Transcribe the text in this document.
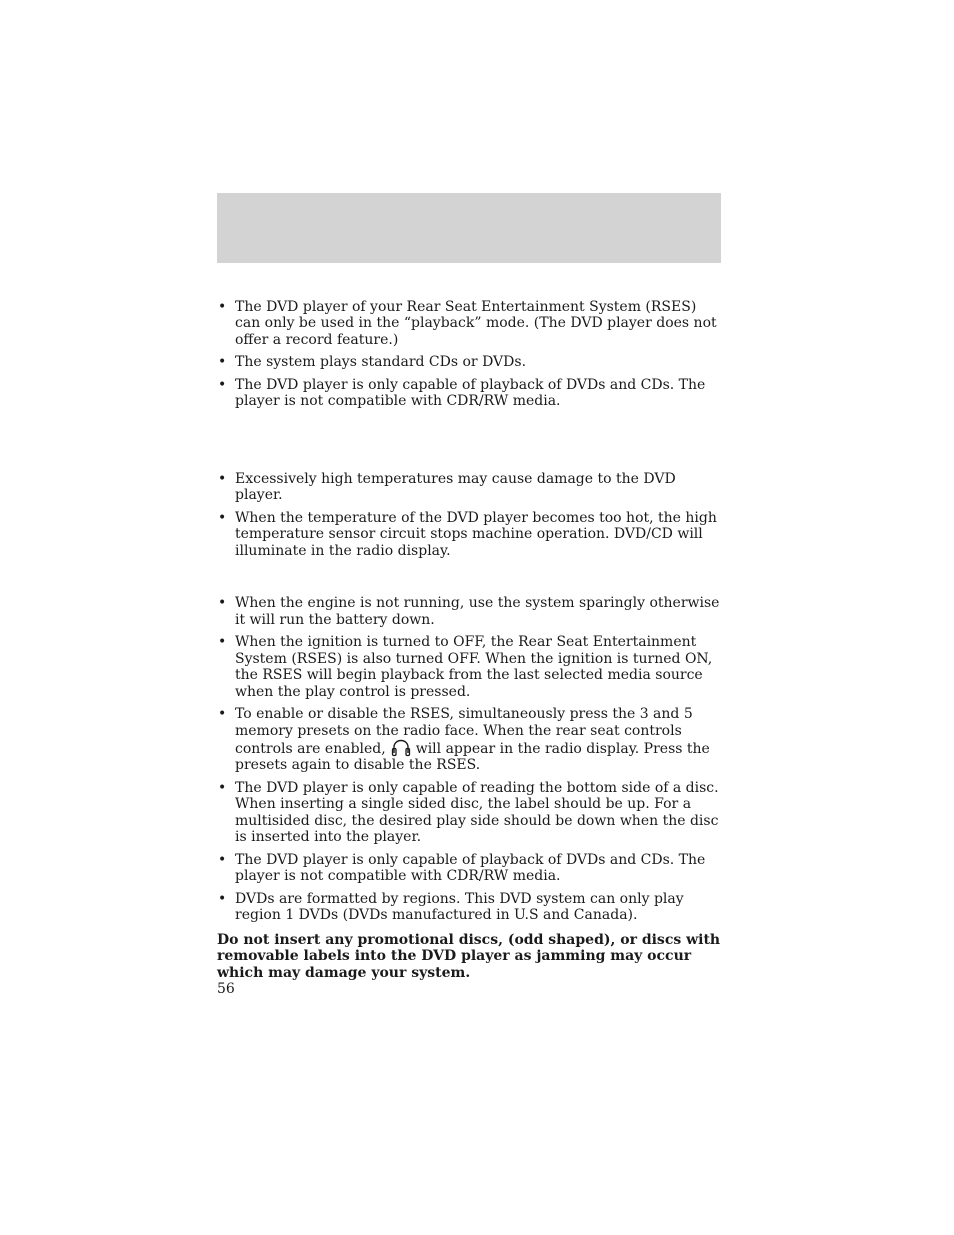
• The DVD player of your Rear Seat Entertainment System (RSES) can only be used in the “playback” mode. (The DVD player does not offer a record feature.)
• The system plays standard CDs or DVDs.
• The DVD player is only capable of playback of DVDs and CDs. The player is not compatible with CDR/RW media.
• Excessively high temperatures may cause damage to the DVD player.
• When the temperature of the DVD player becomes too hot, the high temperature sensor circuit stops machine operation. DVD/CD will illuminate in the radio display.
• When the engine is not running, use the system sparingly otherwise it will run the battery down.
• When the ignition is turned to OFF, the Rear Seat Entertainment System (RSES) is also turned OFF. When the ignition is turned ON, the RSES will begin playback from the last selected media source when the play control is pressed.
• To enable or disable the RSES, simultaneously press the 3 and 5 memory presets on the radio face. When the rear seat controls controls are enabled, will appear in the radio display. Press the presets again to disable the RSES.
• The DVD player is only capable of reading the bottom side of a disc. When inserting a single sided disc, the label should be up. For a multisided disc, the desired play side should be down when the disc is inserted into the player.
• The DVD player is only capable of playback of DVDs and CDs. The player is not compatible with CDR/RW media.
• DVDs are formatted by regions. This DVD system can only play region 1 DVDs (DVDs manufactured in U.S and Canada).
Do not insert any promotional discs, (odd shaped), or discs with removable labels into the DVD player as jamming may occur which may damage your system.
56
